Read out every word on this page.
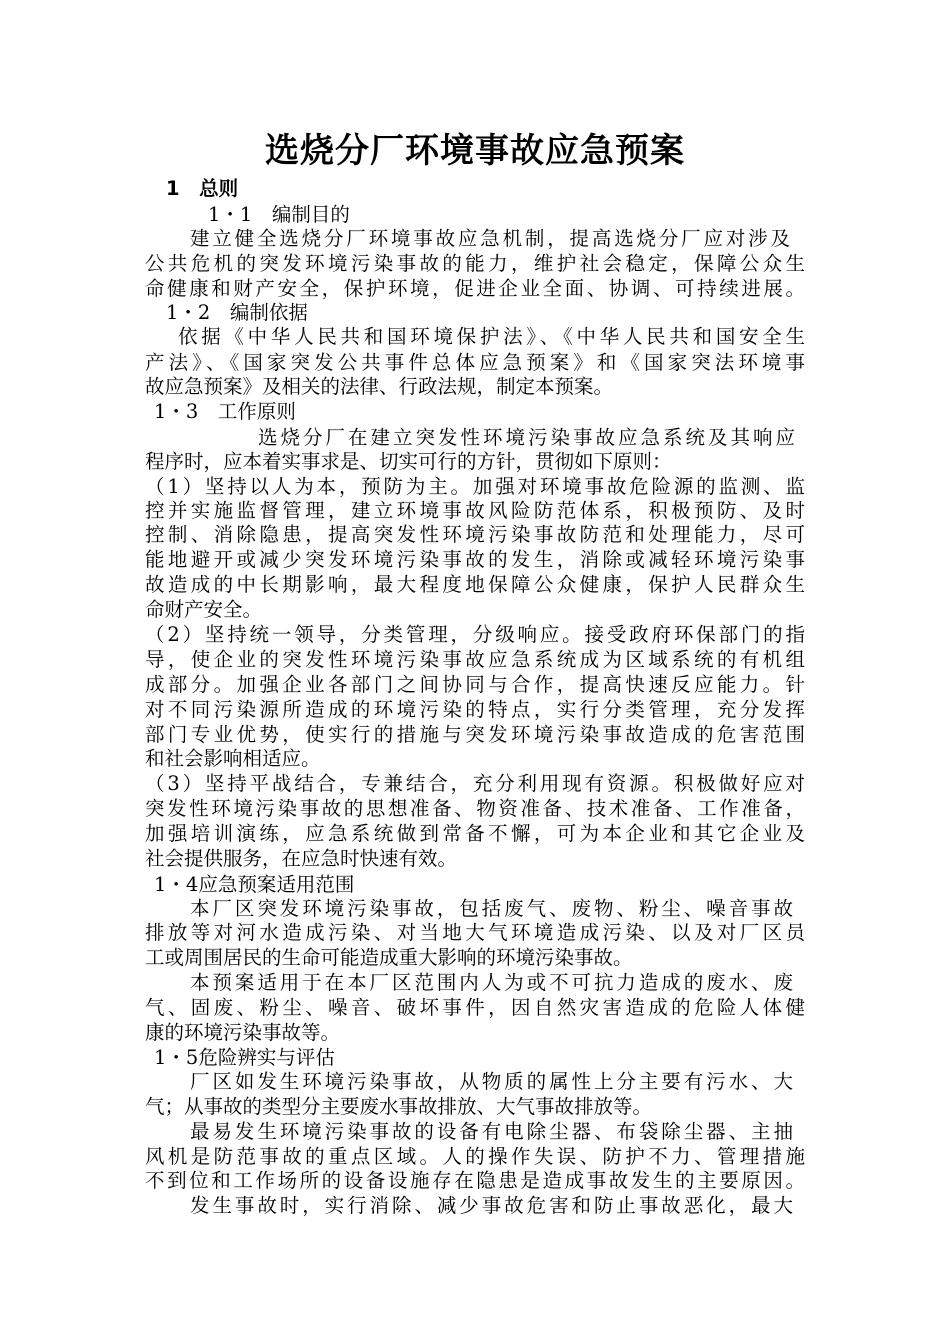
选烧分厂环境事故应急预案
1　总则
1・1　编制目的
建立健全选烧分厂环境事故应急机制，提高选烧分厂应对涉及
公共危机的突发环境污染事故的能力，维护社会稳定，保障公众生
命健康和财产安全，保护环境，促进企业全面、协调、可持续进展。
1・2　编制依据
依据《中华人民共和国环境保护法》、《中华人民共和国安全生
产法》、《国家突发公共事件总体应急预案》和《国家突法环境事
故应急预案》及相关的法律、行政法规，制定本预案。
1・3　工作原则
选烧分厂在建立突发性环境污染事故应急系统及其响应
程序时，应本着实事求是、切实可行的方针，贯彻如下原则：
（1）坚持以人为本，预防为主。加强对环境事故危险源的监测、监
控并实施监督管理，建立环境事故风险防范体系，积极预防、及时
控制、消除隐患，提高突发性环境污染事故防范和处理能力，尽可
能地避开或减少突发环境污染事故的发生，消除或减轻环境污染事
故造成的中长期影响，最大程度地保障公众健康，保护人民群众生
命财产安全。
（2）坚持统一领导，分类管理，分级响应。接受政府环保部门的指
导，使企业的突发性环境污染事故应急系统成为区域系统的有机组
成部分。加强企业各部门之间协同与合作，提高快速反应能力。针
对不同污染源所造成的环境污染的特点，实行分类管理，充分发挥
部门专业优势，使实行的措施与突发环境污染事故造成的危害范围
和社会影响相适应。
（3）坚持平战结合，专兼结合，充分利用现有资源。积极做好应对
突发性环境污染事故的思想准备、物资准备、技术准备、工作准备，
加强培训演练，应急系统做到常备不懈，可为本企业和其它企业及
社会提供服务，在应急时快速有效。
1・4应急预案适用范围
本厂区突发环境污染事故，包括废气、废物、粉尘、噪音事故
排放等对河水造成污染、对当地大气环境造成污染、以及对厂区员
工或周围居民的生命可能造成重大影响的环境污染事故。
本预案适用于在本厂区范围内人为或不可抗力造成的废水、废
气、固废、粉尘、噪音、破坏事件，因自然灾害造成的危险人体健
康的环境污染事故等。
1・5危险辨实与评估
厂区如发生环境污染事故，从物质的属性上分主要有污水、大
气；从事故的类型分主要废水事故排放、大气事故排放等。
最易发生环境污染事故的设备有电除尘器、布袋除尘器、主抽
风机是防范事故的重点区域。人的操作失误、防护不力、管理措施
不到位和工作场所的设备设施存在隐患是造成事故发生的主要原因。
发生事故时，实行消除、减少事故危害和防止事故恶化，最大
